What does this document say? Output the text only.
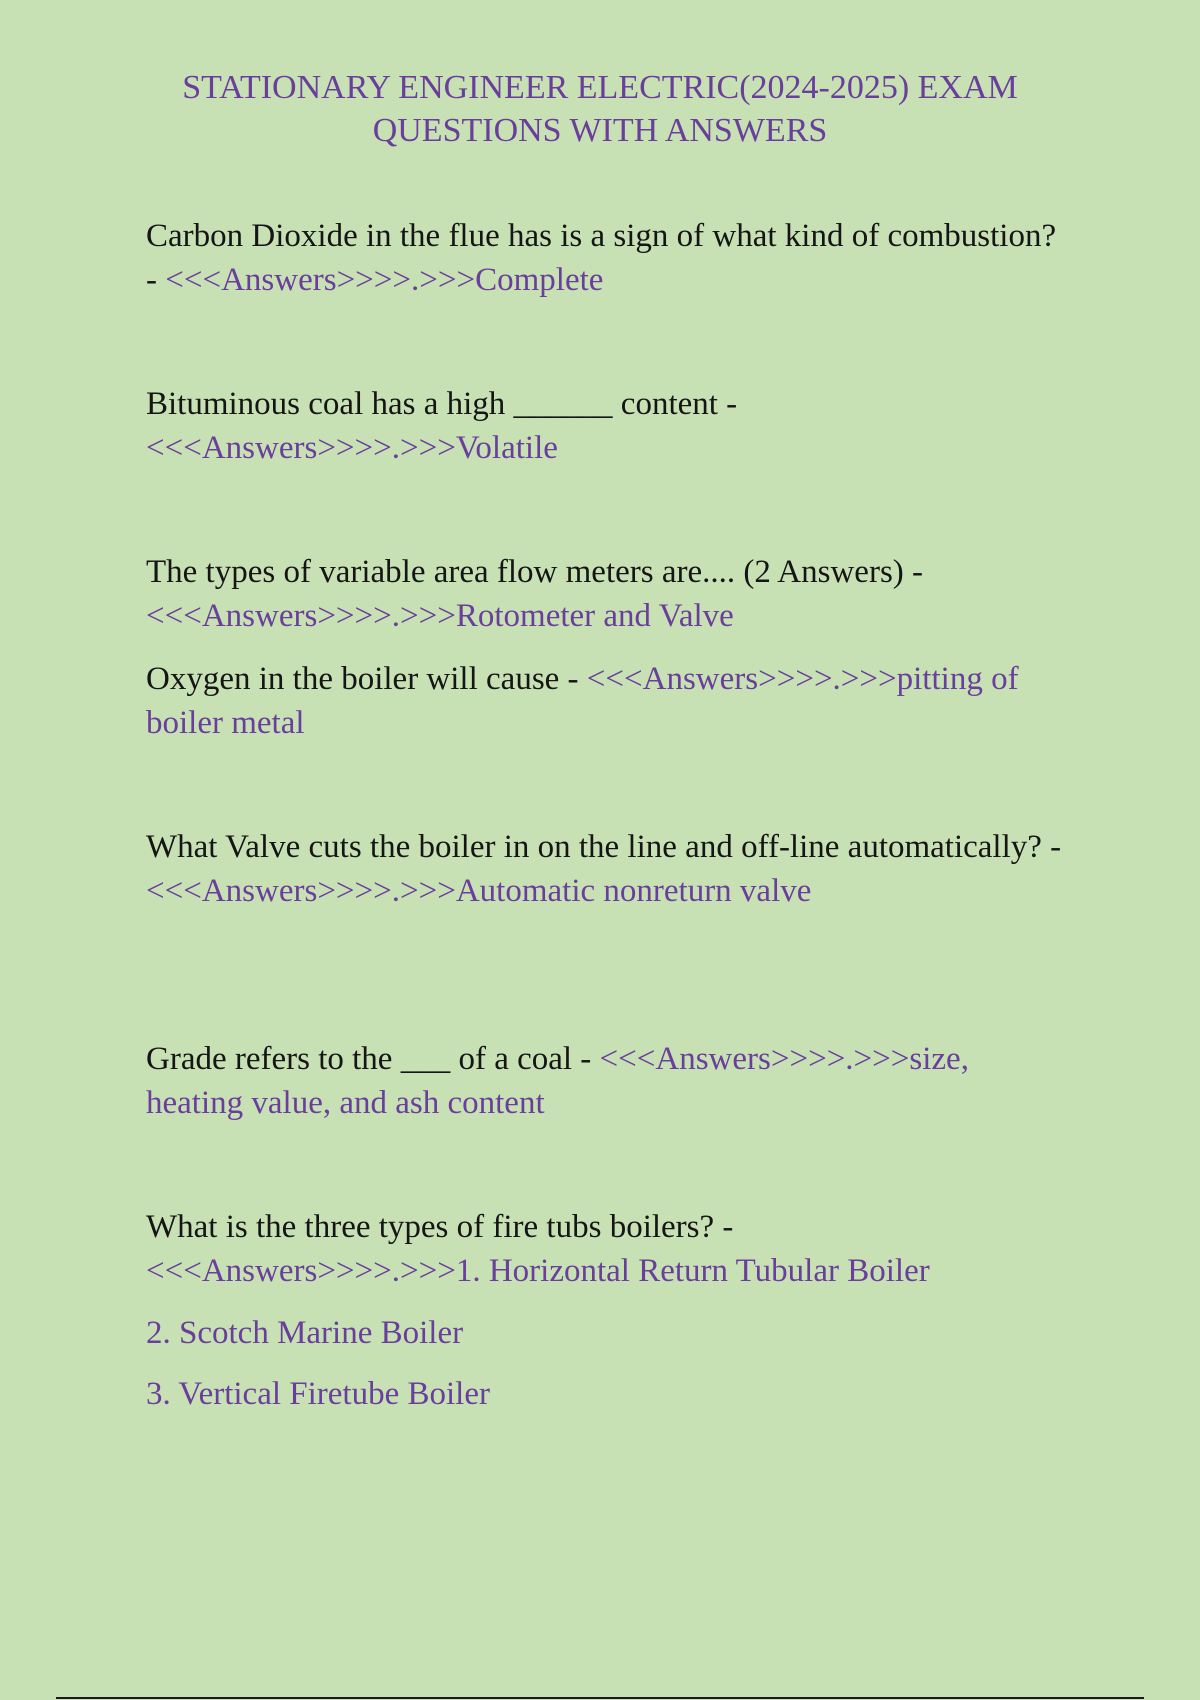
STATIONARY ENGINEER ELECTRIC(2024-2025) EXAM QUESTIONS WITH ANSWERS
Carbon Dioxide in the flue has is a sign of what kind of combustion? - <<<Answers>>>>.>>>Complete
Bituminous coal has a high ______ content - <<<Answers>>>>.>>>Volatile
The types of variable area flow meters are.... (2 Answers) - <<<Answers>>>>.>>>Rotometer and Valve
Oxygen in the boiler will cause - <<<Answers>>>>.>>>pitting of boiler metal
What Valve cuts the boiler in on the line and off-line automatically? - <<<Answers>>>>.>>>Automatic nonreturn valve
Grade refers to the ___ of a coal - <<<Answers>>>>.>>>size, heating value, and ash content
What is the three types of fire tubs boilers? - <<<Answers>>>>.>>>1. Horizontal Return Tubular Boiler
2. Scotch Marine Boiler
3. Vertical Firetube Boiler
